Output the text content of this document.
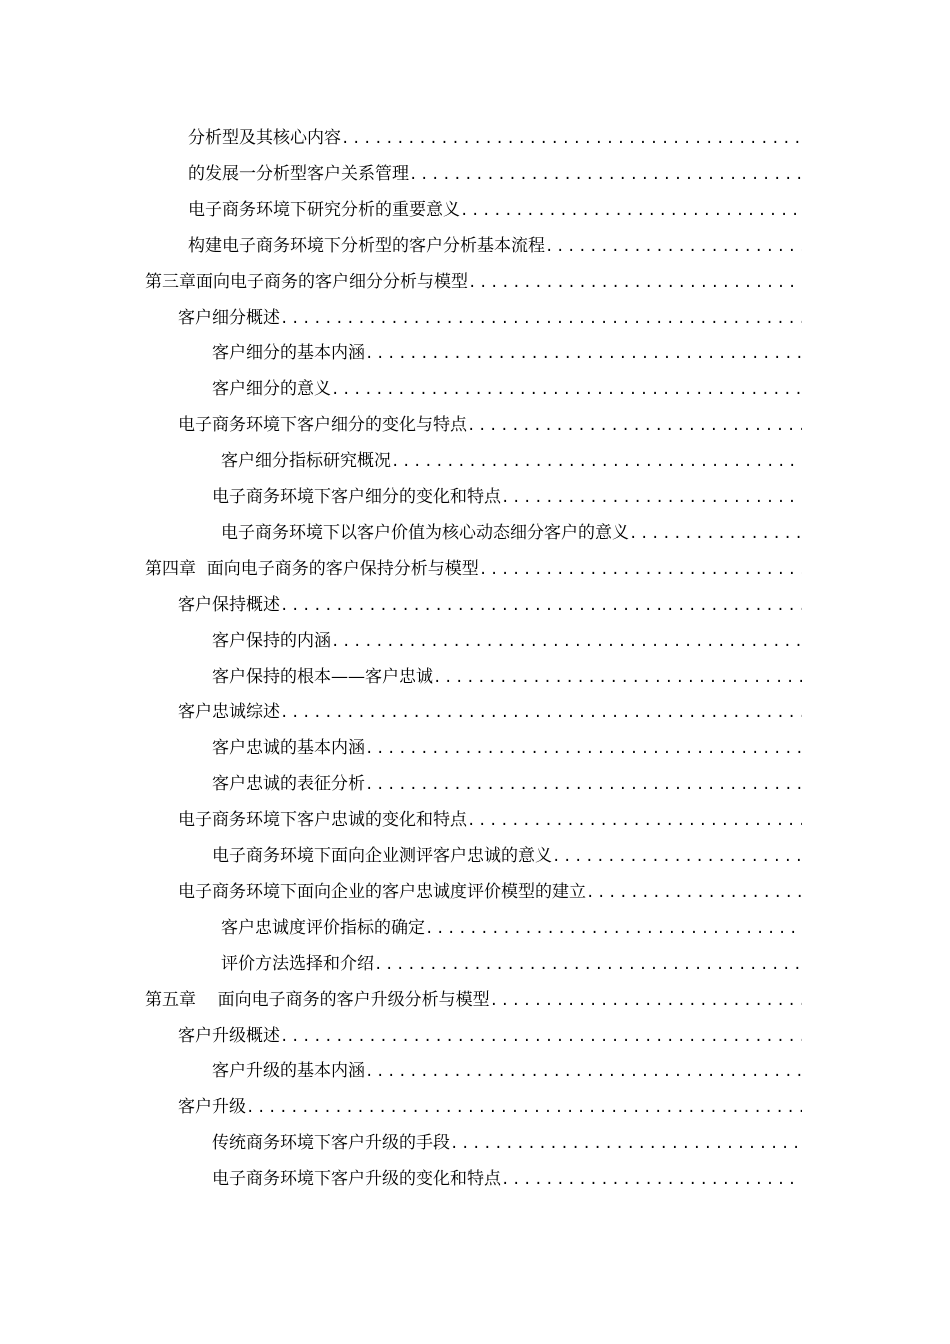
分析型及其核心内容
.....
的发展一分析型客户关系管理
.....
电子商务环境下研究分析的重要意义
.....
构建电子商务环境下分析型的客户分析基本流程
.....
第三章面向电子商务的客户细分分析与模型
.....
客户细分概述
.....
客户细分的基本内涵
.....
客户细分的意义
.....
电子商务环境下客户细分的变化与特点
.....
客户细分指标研究概况
.....
电子商务环境下客户细分的变化和特点
.....
电子商务环境下以客户价值为核心动态细分客户的意义
.....
第四章  面向电子商务的客户保持分析与模型
.....
客户保持概述
.....
客户保持的内涵
.....
客户保持的根本——客户忠诚
.....
客户忠诚综述
.....
客户忠诚的基本内涵
.....
客户忠诚的表征分析
.....
电子商务环境下客户忠诚的变化和特点
.....
电子商务环境下面向企业测评客户忠诚的意义
.....
电子商务环境下面向企业的客户忠诚度评价模型的建立
.....
客户忠诚度评价指标的确定
.....
评价方法选择和介绍
.....
第五章    面向电子商务的客户升级分析与模型
.....
客户升级概述
.....
客户升级的基本内涵
.....
客户升级
.....
传统商务环境下客户升级的手段
.....
电子商务环境下客户升级的变化和特点
.....
